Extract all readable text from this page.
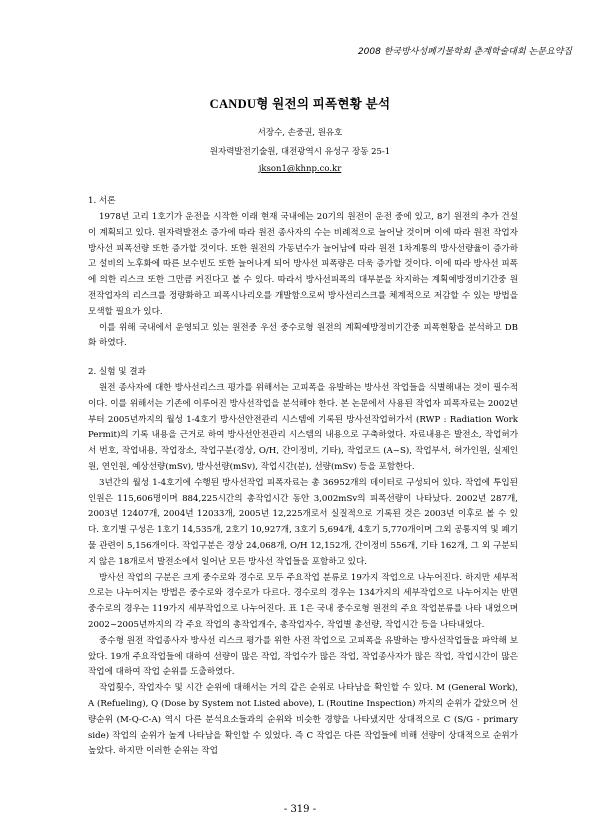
2008 한국방사성폐기물학회 춘계학술대회 논문요약집
CANDU형 원전의 피폭현황 분석
서장수, 손중권, 원유호
원자력발전기술원, 대전광역시 유성구 장동 25-1
jkson1@khnp.co.kr
1. 서론

1978년 고리 1호기가 운전을 시작한 이래 현재 국내에는 20기의 원전이 운전 중에 있고, 8기 원전의 추가 건설이 계획되고 있다. 원자력발전소 증가에 따라 원전 종사자의 수는 비례적으로 늘어날 것이며 이에 따라 원전 작업자 방사선 피폭선량 또한 증가할 것이다. 또한 원전의 가동년수가 늘어남에 따라 원전 1차계통의 방사선량율이 증가하고 설비의 노후화에 따른 보수빈도 또한 늘어나게 되어 방사선 피폭량은 더욱 증가할 것이다. 이에 따라 방사선 피폭에 의한 리스크 또한 그만큼 커진다고 볼 수 있다. 따라서 방사선피폭의 대부분을 차지하는 계획예방정비기간중 원전작업자의 리스크를 정량화하고 피폭시나리오를 개발함으로써 방사선리스크를 체계적으로 저감할 수 있는 방법을 모색할 필요가 있다.

이를 위해 국내에서 운영되고 있는 원전중 우선 중수로형 원전의 계획예방정비기간중 피폭현황을 분석하고 DB화 하였다.

2. 실험 및 결과

원전 종사자에 대한 방사선리스크 평가를 위해서는 고피폭을 유발하는 방사선 작업들을 식별해내는 것이 필수적이다. 이를 위해서는 기존에 이루어진 방사선작업을 분석해야 한다. 본 논문에서 사용된 작업자 피폭자료는 2002년부터 2005년까지의 월성 1-4호기 방사선안전관리 시스템에 기록된 방사선작업허가서 (RWP : Radiation Work Permit)의 기록 내용을 근거로 하여 방사선안전관리 시스템의 내용으로 구축하였다. 자료내용은 발전소, 작업허가서 번호, 작업내용, 작업장소, 작업구분(경상, O/H, 간이정비, 기타), 작업코드 (A~S), 작업부서, 허가인원, 실제인원, 연인원, 예상선량(mSv), 방사선량(mSv), 작업시간(분), 선량(mSv) 등을 포함한다.

3년간의 월성 1-4호기에 수행된 방사선작업 피폭자료는 총 36952개의 데이터로 구성되어 있다. 작업에 투입된 인원은 115,606명이며 884,225시간의 총작업시간 동안 3,002mSv의 피폭선량이 나타났다. 2002년 287개, 2003년 12407개, 2004년 12033개, 2005년 12,225개로서 실질적으로 기록된 것은 2003년 이후로 볼 수 있다. 호기별 구성은 1호기 14,535개, 2호기 10,927개, 3호기 5,694개, 4호기 5,770개이며 그외 공통지역 및 폐기물 관련이 5,156개이다. 작업구분은 경상 24,068개, O/H 12,152개, 간이정비 556개, 기타 162개, 그 외 구분되지 않은 18개로서 발전소에서 일어난 모든 방사선 작업들을 포함하고 있다.

방사선 작업의 구분은 크게 중수로와 경수로 모두 주요작업 분류로 19가지 작업으로 나누어진다. 하지만 세부적으로는 나누어지는 방법은 중수로와 경수로가 다르다. 경수로의 경우는 134가지의 세부작업으로 나누어지는 반면 중수로의 경우는 119가지 세부작업으로 나누어진다. 표 1은 국내 중수로형 원전의 주요 작업분류를 나타 내었으며 2002~2005년까지의 각 주요 작업의 총작업개수, 총작업자수, 작업별 총선량, 작업시간 등을 나타내었다.

중수형 원전 작업종사자 방사선 리스크 평가를 위한 사전 작업으로 고피폭을 유발하는 방사선작업들을 파악해 보았다. 19개 주요작업들에 대하여 선량이 많은 작업, 작업수가 많은 작업, 작업종사자가 많은 작업, 작업시간이 많은 작업에 대하여 작업 순위를 도출하였다.

작업횟수, 작업자수 및 시간 순위에 대해서는 거의 같은 순위로 나타남을 확인할 수 있다. M (General Work), A (Refueling), Q (Dose by System not Listed above), L (Routine Inspection) 까지의 순위가 같았으며 선량순위 (M-Q-C-A) 역시 다른 분석요소들과의 순위와 비슷한 경향을 나타냈지만 상대적으로 C (S/G - primary side) 작업의 순위가 높게 나타남을 확인할 수 있었다. 즉 C 작업은 다른 작업들에 비해 선량이 상대적으로 순위가 높았다. 하지만 이러한 순위는 작업

- 319 -
